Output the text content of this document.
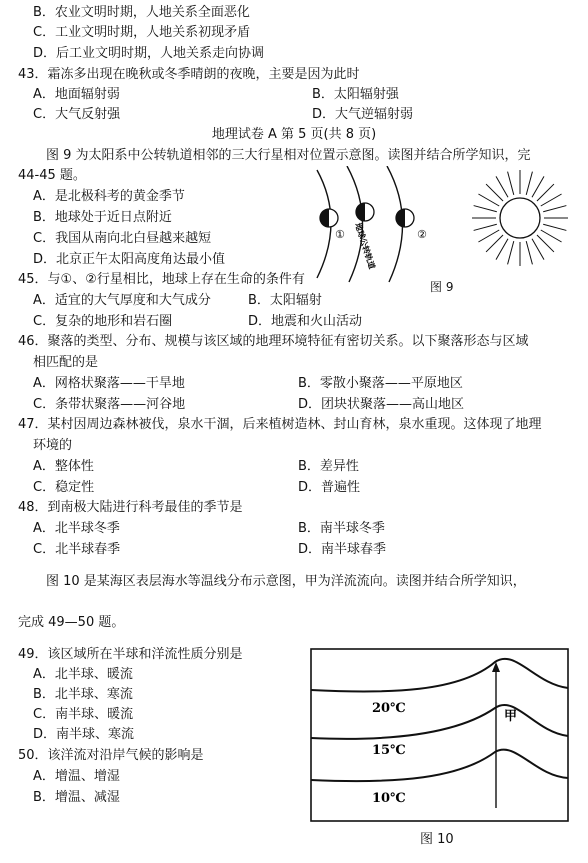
B．农业文明时期，人地关系全面恶化
C．工业文明时期，人地关系初现矛盾
D．后工业文明时期，人地关系走向协调
43．霜冻多出现在晚秋或冬季晴朗的夜晚，主要是因为此时
A．地面辐射弱	B．太阳辐射强
C．大气反射强	D．大气逆辐射弱
地理试卷 A 第 5 页(共 8 页)
图 9 为太阳系中公转轨道相邻的三大行星相对位置示意图。读图并结合所学知识，完
44-45 题。
A．是北极科考的黄金季节
B．地球处于近日点附近
C．我国从南向北白昼越来越短
D．北京正午太阳高度角达最小值
①	②
地球公转轨道
图 9
45．与①、②行星相比，地球上存在生命的条件有
A．适宜的大气厚度和大气成分	B．太阳辐射
C．复杂的地形和岩石圈	D．地震和火山活动
46．聚落的类型、分布、规模与该区域的地理环境特征有密切关系。以下聚落形态与区域
相匹配的是
A．网格状聚落——干旱地	B．零散小聚落——平原地区
C．条带状聚落——河谷地	D．团块状聚落——高山地区
47．某村因周边森林被伐，泉水干涸，后来植树造林、封山育林，泉水重现。这体现了地理
环境的
A．整体性	B．差异性
C．稳定性	D．普遍性
48．到南极大陆进行科考最佳的季节是
A．北半球冬季	B．南半球冬季
C．北半球春季	D．南半球春季
图 10 是某海区表层海水等温线分布示意图，甲为洋流流向。读图并结合所学知识，
完成 49—50 题。
49．该区域所在半球和洋流性质分别是
A．北半球、暖流
B．北半球、寒流
C．南半球、暖流
D．南半球、寒流
50．该洋流对沿岸气候的影响是
A．增温、增湿
B．增温、减湿
20℃
15℃
10℃
甲
图 10
